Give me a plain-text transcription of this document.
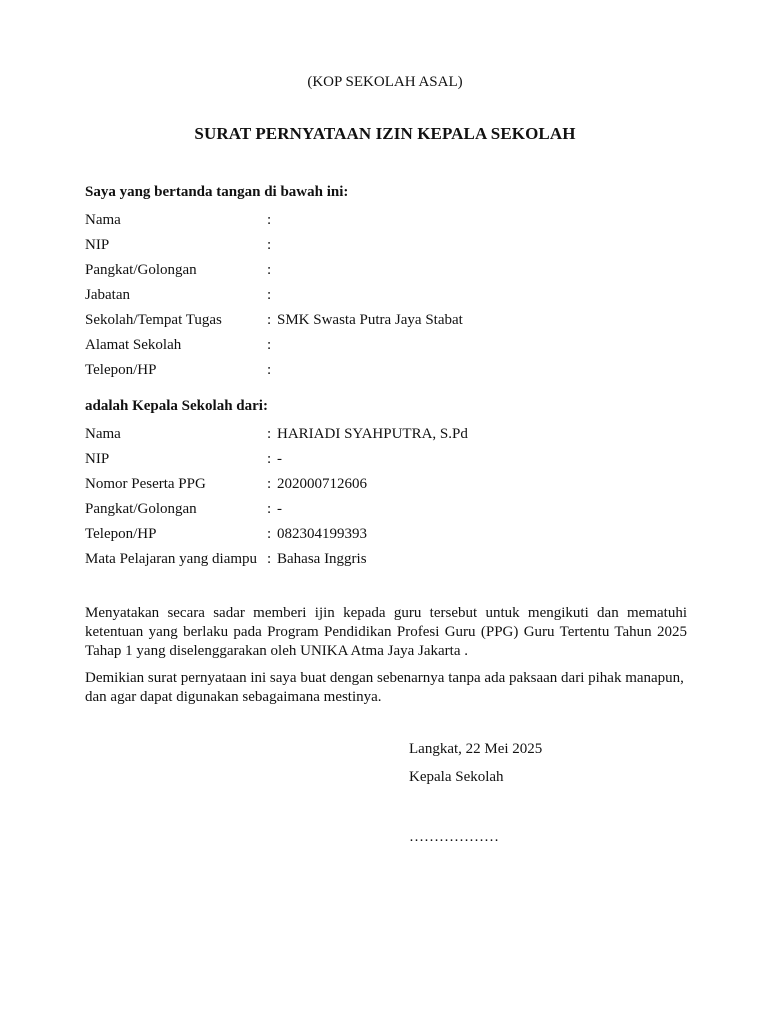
(KOP SEKOLAH ASAL)
SURAT PERNYATAAN IZIN KEPALA SEKOLAH
Saya yang bertanda tangan di bawah ini:
Nama	:
NIP	:
Pangkat/Golongan	:
Jabatan	:
Sekolah/Tempat Tugas	: SMK Swasta Putra Jaya Stabat
Alamat Sekolah	:
Telepon/HP	:
adalah Kepala Sekolah dari:
Nama	: HARIADI SYAHPUTRA, S.Pd
NIP	: -
Nomor Peserta PPG	: 202000712606
Pangkat/Golongan	: -
Telepon/HP	: 082304199393
Mata Pelajaran yang diampu : Bahasa Inggris
Menyatakan secara sadar memberi ijin kepada guru tersebut untuk mengikuti dan mematuhi ketentuan yang berlaku pada Program Pendidikan Profesi Guru (PPG) Guru Tertentu Tahun 2025 Tahap 1 yang diselenggarakan oleh UNIKA Atma Jaya Jakarta .
Demikian surat pernyataan ini saya buat dengan sebenarnya tanpa ada paksaan dari pihak manapun, dan agar dapat digunakan sebagaimana mestinya.
Langkat, 22 Mei 2025
Kepala Sekolah
………………
